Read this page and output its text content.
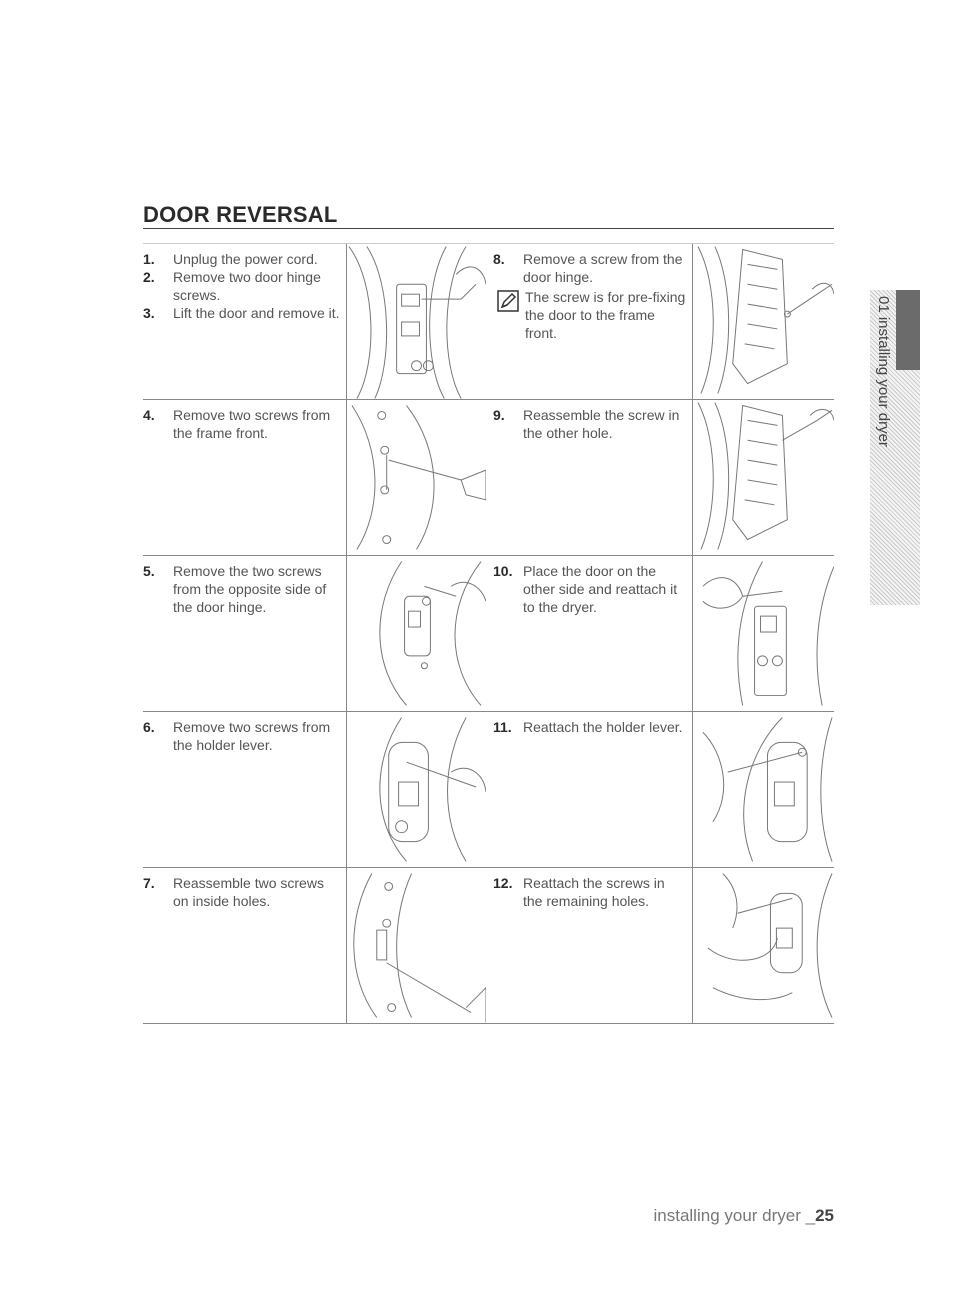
DOOR REVERSAL
01 installing your dryer
1.	Unplug the power cord.
2.	Remove two door hinge screws.
3.	Lift the door and remove it.
8.	Remove a screw from the door hinge.
The screw is for pre-fixing the door to the frame front.
4.	Remove two screws from the frame front.
9.	Reassemble the screw in the other hole.
5.	Remove the two screws from the opposite side of the door hinge.
10. Place the door on the other side and reattach it to the dryer.
6.	Remove two screws from the holder lever.
11. Reattach the holder lever.
7.	Reassemble two screws on inside holes.
12. Reattach the screws in the remaining holes.
installing your dryer _25
